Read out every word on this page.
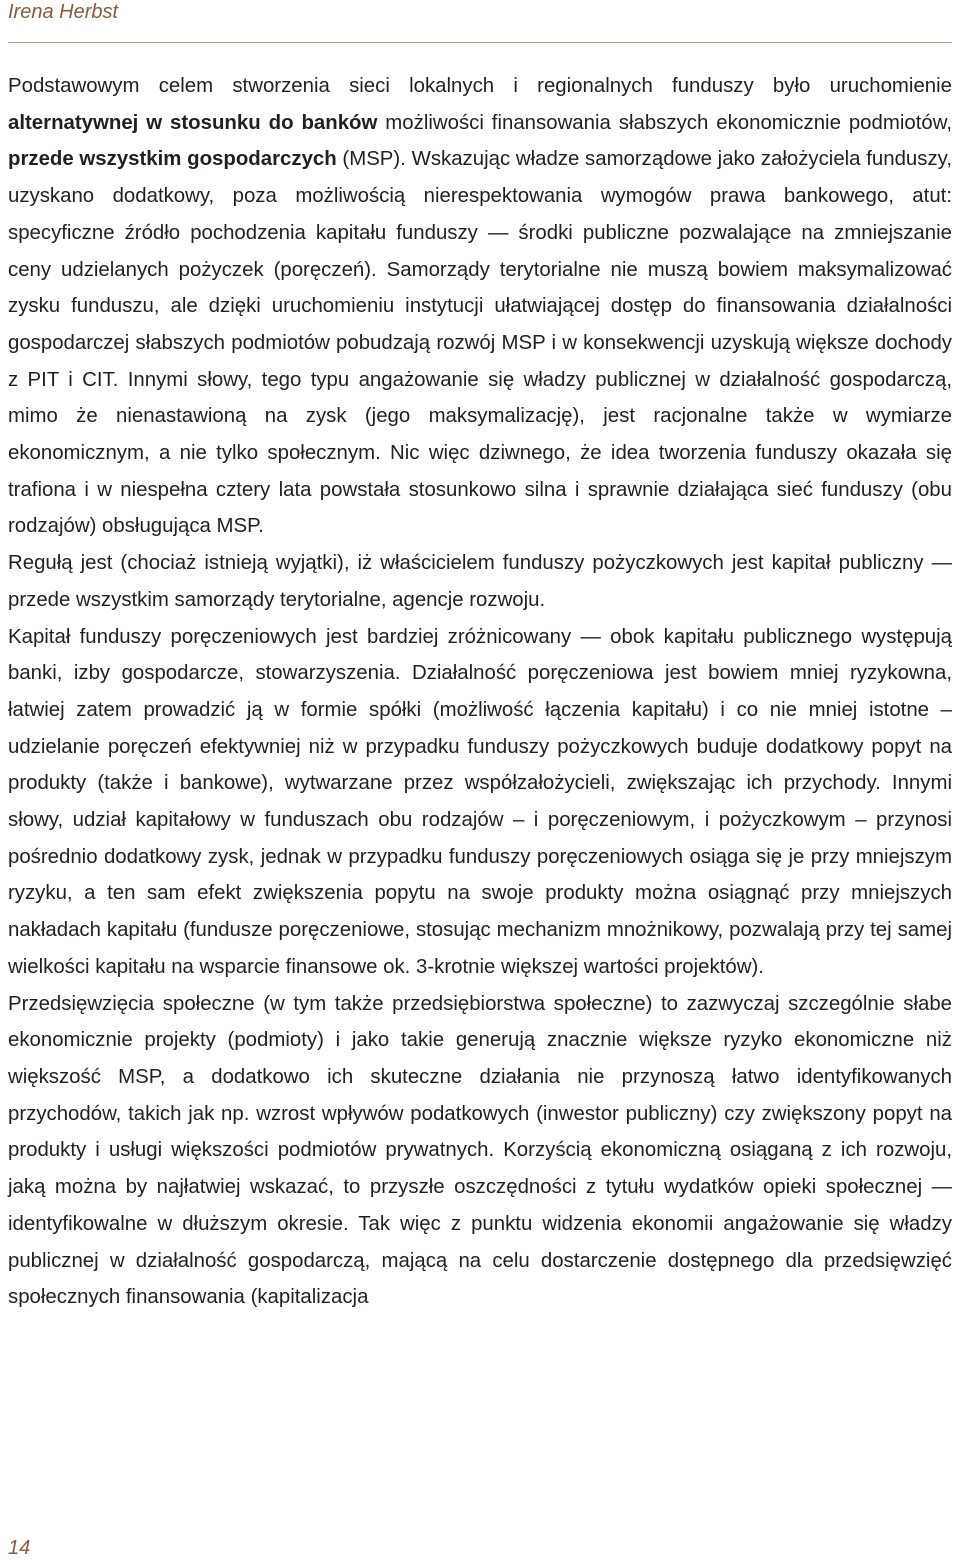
Irena Herbst

Podstawowym celem stworzenia sieci lokalnych i regionalnych funduszy było uruchomienie alternatywnej w stosunku do banków możliwości finansowania słabszych ekonomicznie podmiotów, przede wszystkim gospodarczych (MSP). Wskazując władze samorządowe jako założyciela funduszy, uzyskano dodatkowy, poza możliwością nierespektowania wymogów prawa bankowego, atut: specyficzne źródło pochodzenia kapitału funduszy — środki publiczne pozwalające na zmniejszanie ceny udzielanych pożyczek (poręczeń). Samorządy terytorialne nie muszą bowiem maksymalizować zysku funduszu, ale dzięki uruchomieniu instytucji ułatwiającej dostęp do finansowania działalności gospodarczej słabszych podmiotów pobudzają rozwój MSP i w konsekwencji uzyskują większe dochody z PIT i CIT. Innymi słowy, tego typu angażowanie się władzy publicznej w działalność gospodarczą, mimo że nienastawioną na zysk (jego maksymalizację), jest racjonalne także w wymiarze ekonomicznym, a nie tylko społecznym. Nic więc dziwnego, że idea tworzenia funduszy okazała się trafiona i w niespełna cztery lata powstała stosunkowo silna i sprawnie działająca sieć funduszy (obu rodzajów) obsługująca MSP.

Regułą jest (chociaż istnieją wyjątki), iż właścicielem funduszy pożyczkowych jest kapitał publiczny — przede wszystkim samorządy terytorialne, agencje rozwoju.

Kapitał funduszy poręczeniowych jest bardziej zróżnicowany — obok kapitału publicznego występują banki, izby gospodarcze, stowarzyszenia. Działalność poręczeniowa jest bowiem mniej ryzykowna, łatwiej zatem prowadzić ją w formie spółki (możliwość łączenia kapitału) i co nie mniej istotne – udzielanie poręczeń efektywniej niż w przypadku funduszy pożyczkowych buduje dodatkowy popyt na produkty (także i bankowe), wytwarzane przez współzałożycieli, zwiększając ich przychody. Innymi słowy, udział kapitałowy w funduszach obu rodzajów – i poręczeniowym, i pożyczkowym – przynosi pośrednio dodatkowy zysk, jednak w przypadku funduszy poręczeniowych osiąga się je przy mniejszym ryzyku, a ten sam efekt zwiększenia popytu na swoje produkty można osiągnąć przy mniejszych nakładach kapitału (fundusze poręczeniowe, stosując mechanizm mnożnikowy, pozwalają przy tej samej wielkości kapitału na wsparcie finansowe ok. 3-krotnie większej wartości projektów).

Przedsięwzięcia społeczne (w tym także przedsiębiorstwa społeczne) to zazwyczaj szczególnie słabe ekonomicznie projekty (podmioty) i jako takie generują znacznie większe ryzyko ekonomiczne niż większość MSP, a dodatkowo ich skuteczne działania nie przynoszą łatwo identyfikowanych przychodów, takich jak np. wzrost wpływów podatkowych (inwestor publiczny) czy zwiększony popyt na produkty i usługi większości podmiotów prywatnych. Korzyścią ekonomiczną osiąganą z ich rozwoju, jaką można by najłatwiej wskazać, to przyszłe oszczędności z tytułu wydatków opieki społecznej — identyfikowalne w dłuższym okresie. Tak więc z punktu widzenia ekonomii angażowanie się władzy publicznej w działalność gospodarczą, mającą na celu dostarczenie dostępnego dla przedsięwzięć społecznych finansowania (kapitalizacja

14
